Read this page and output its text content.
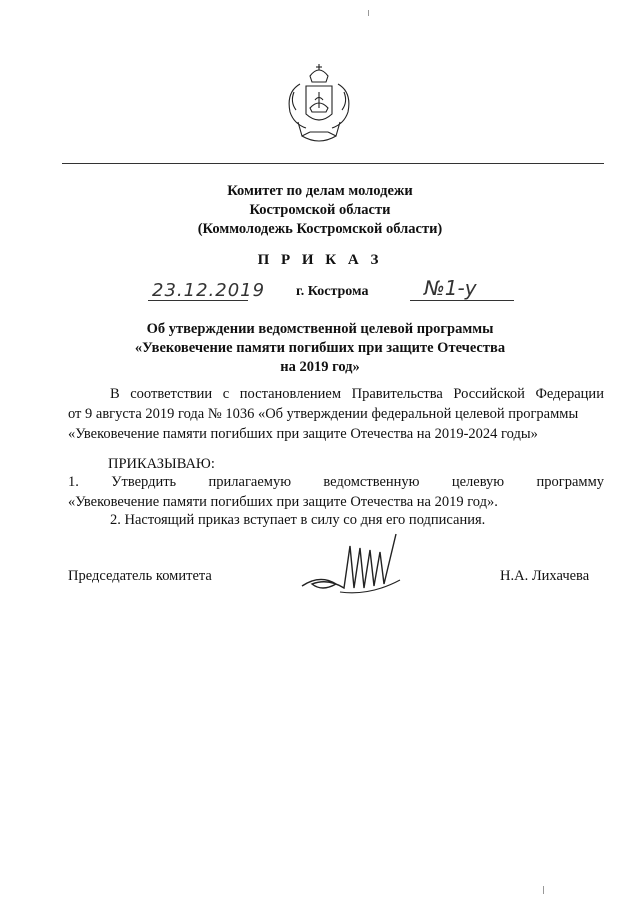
Комитет по делам молодежи
Костромской области
(Коммолодежь Костромской области)
П Р И К А З
23.12.2019 г. Кострома	№1-у
Об утверждении ведомственной целевой программы
«Увековечение памяти погибших при защите Отечества
на 2019 год»
В соответствии с постановлением Правительства Российской Федерации
от 9 августа 2019 года № 1036 «Об утверждении федеральной целевой программы
«Увековечение памяти погибших при защите Отечества на 2019-2024 годы»
ПРИКАЗЫВАЮ:
1. Утвердить прилагаемую ведомственную целевую программу
«Увековечение памяти погибших при защите Отечества на 2019 год».
2. Настоящий приказ вступает в силу со дня его подписания.
Председатель комитета	Н.А. Лихачева
